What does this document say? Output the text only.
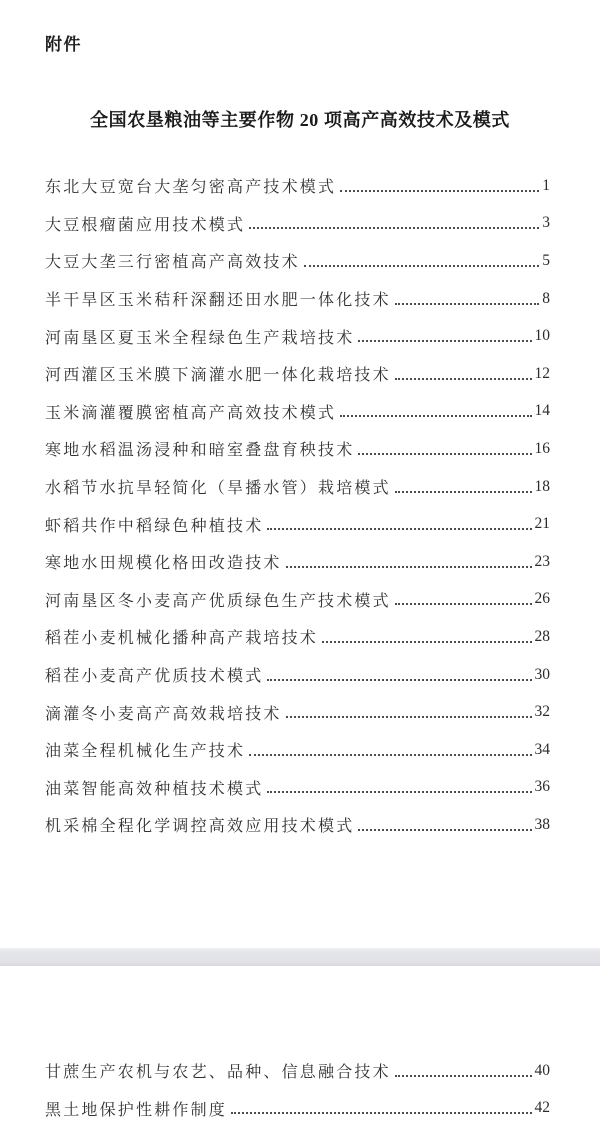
附件
全国农垦粮油等主要作物 20 项高产高效技术及模式
东北大豆宽台大垄匀密高产技术模式	1
大豆根瘤菌应用技术模式	3
大豆大垄三行密植高产高效技术	5
半干旱区玉米秸秆深翻还田水肥一体化技术	8
河南垦区夏玉米全程绿色生产栽培技术	10
河西灌区玉米膜下滴灌水肥一体化栽培技术	12
玉米滴灌覆膜密植高产高效技术模式	14
寒地水稻温汤浸种和暗室叠盘育秧技术	16
水稻节水抗旱轻简化（旱播水管）栽培模式	18
虾稻共作中稻绿色种植技术	21
寒地水田规模化格田改造技术	23
河南垦区冬小麦高产优质绿色生产技术模式	26
稻茬小麦机械化播种高产栽培技术	28
稻茬小麦高产优质技术模式	30
滴灌冬小麦高产高效栽培技术	32
油菜全程机械化生产技术	34
油菜智能高效种植技术模式	36
机采棉全程化学调控高效应用技术模式	38
甘蔗生产农机与农艺、品种、信息融合技术	40
黑土地保护性耕作制度	42
